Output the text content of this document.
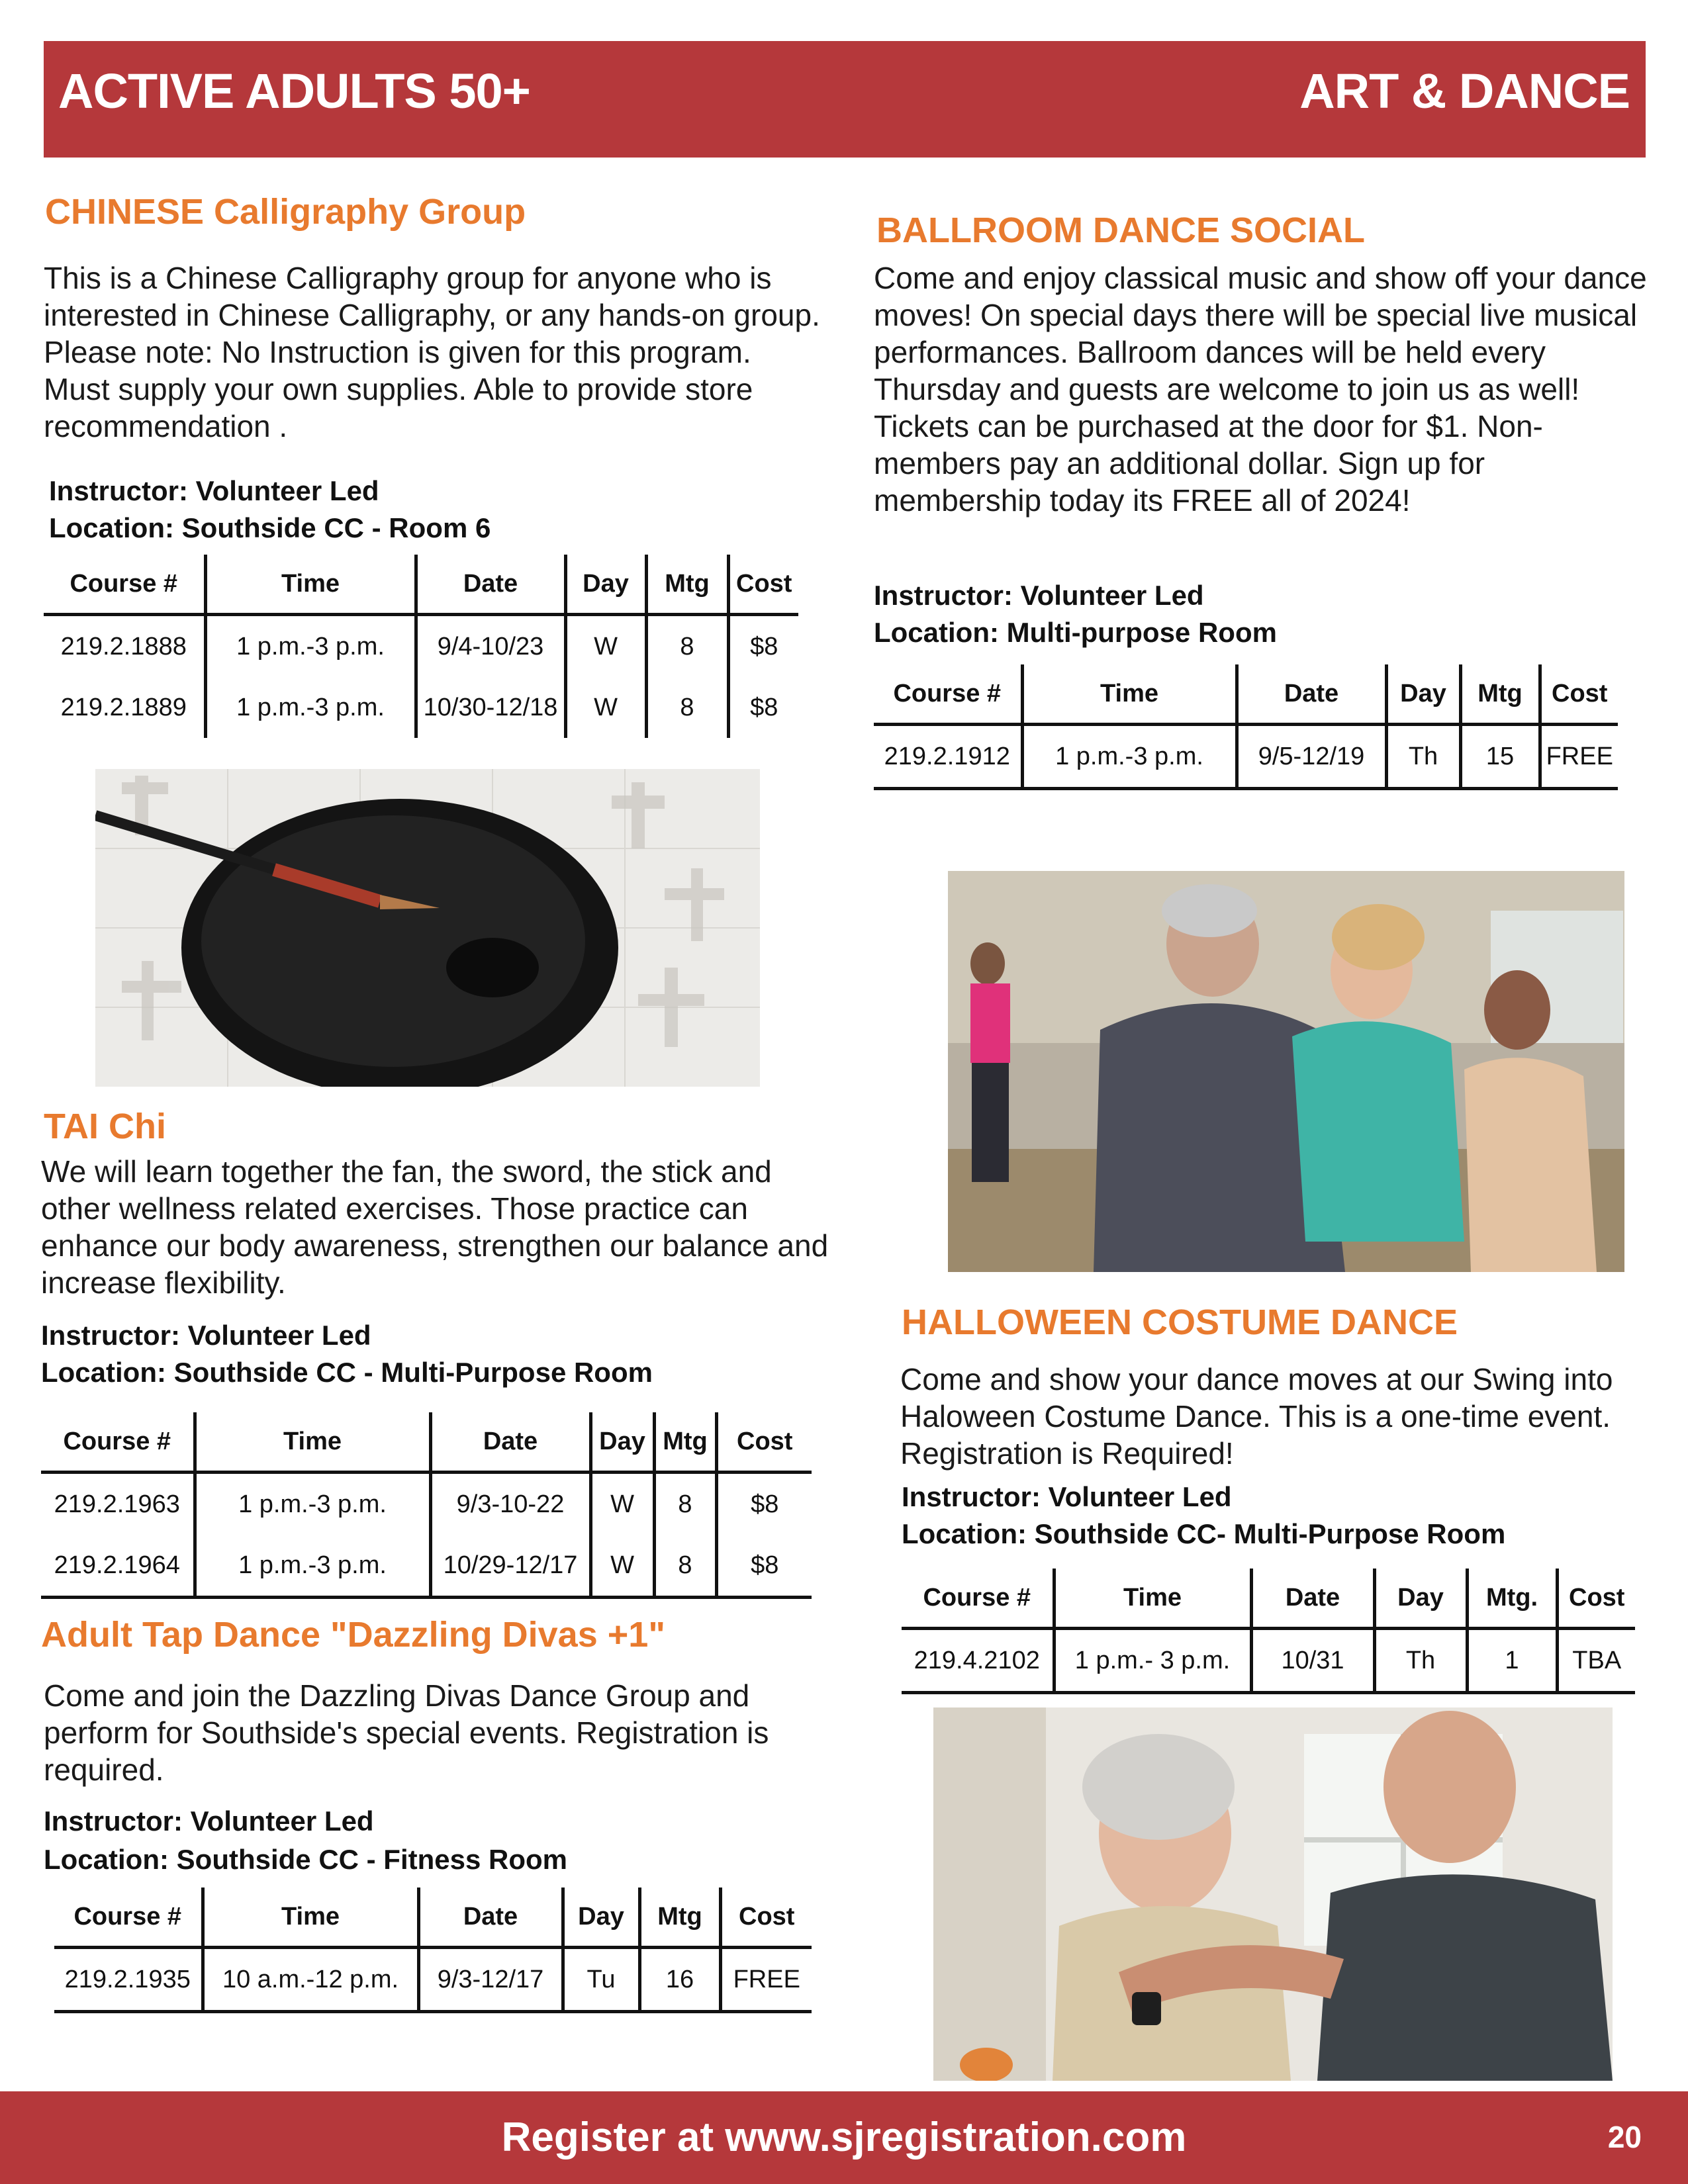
ACTIVE ADULTS 50+	ART & DANCE
CHINESE Calligraphy Group
This is a Chinese Calligraphy group for anyone who is interested in Chinese Calligraphy, or any hands-on group. Please note: No Instruction is given for this program. Must supply your own supplies. Able to provide store recommendation .
Instructor: Volunteer Led
Location: Southside CC - Room 6
Course #	Time	Date	Day	Mtg	Cost
219.2.1888	1 p.m.-3 p.m.	9/4-10/23	W	8	$8
219.2.1889	1 p.m.-3 p.m.	10/30-12/18	W	8	$8
TAI Chi
We will learn together the fan, the sword, the stick and other wellness related exercises. Those practice can enhance our body awareness, strengthen our balance and increase flexibility.
Instructor: Volunteer Led
Location: Southside CC - Multi-Purpose Room
Course #	Time	Date	Day	Mtg	Cost
219.2.1963	1 p.m.-3 p.m.	9/3-10-22	W	8	$8
219.2.1964	1 p.m.-3 p.m.	10/29-12/17	W	8	$8
Adult Tap Dance "Dazzling Divas +1"
Come and join the Dazzling Divas Dance Group and perform for Southside's special events. Registration is required.
Instructor: Volunteer Led
Location: Southside CC - Fitness Room
Course #	Time	Date	Day	Mtg	Cost
219.2.1935	10 a.m.-12 p.m.	9/3-12/17	Tu	16	FREE
BALLROOM DANCE SOCIAL
Come and enjoy classical music and show off your dance moves! On special days there will be special live musical performances. Ballroom dances will be held every Thursday and guests are welcome to join us as well! Tickets can be purchased at the door for $1. Non-members pay an additional dollar. Sign up for membership today its FREE all of 2024!
Instructor: Volunteer Led
Location: Multi-purpose Room
Course #	Time	Date	Day	Mtg	Cost
219.2.1912	1 p.m.-3 p.m.	9/5-12/19	Th	15	FREE
HALLOWEEN COSTUME DANCE
Come and show your dance moves at our Swing into Haloween Costume Dance. This is a one-time event. Registration is Required!
Instructor: Volunteer Led
Location: Southside CC- Multi-Purpose Room
Course #	Time	Date	Day	Mtg.	Cost
219.4.2102	1 p.m.- 3 p.m.	10/31	Th	1	TBA
Register at www.sjregistration.com	20
